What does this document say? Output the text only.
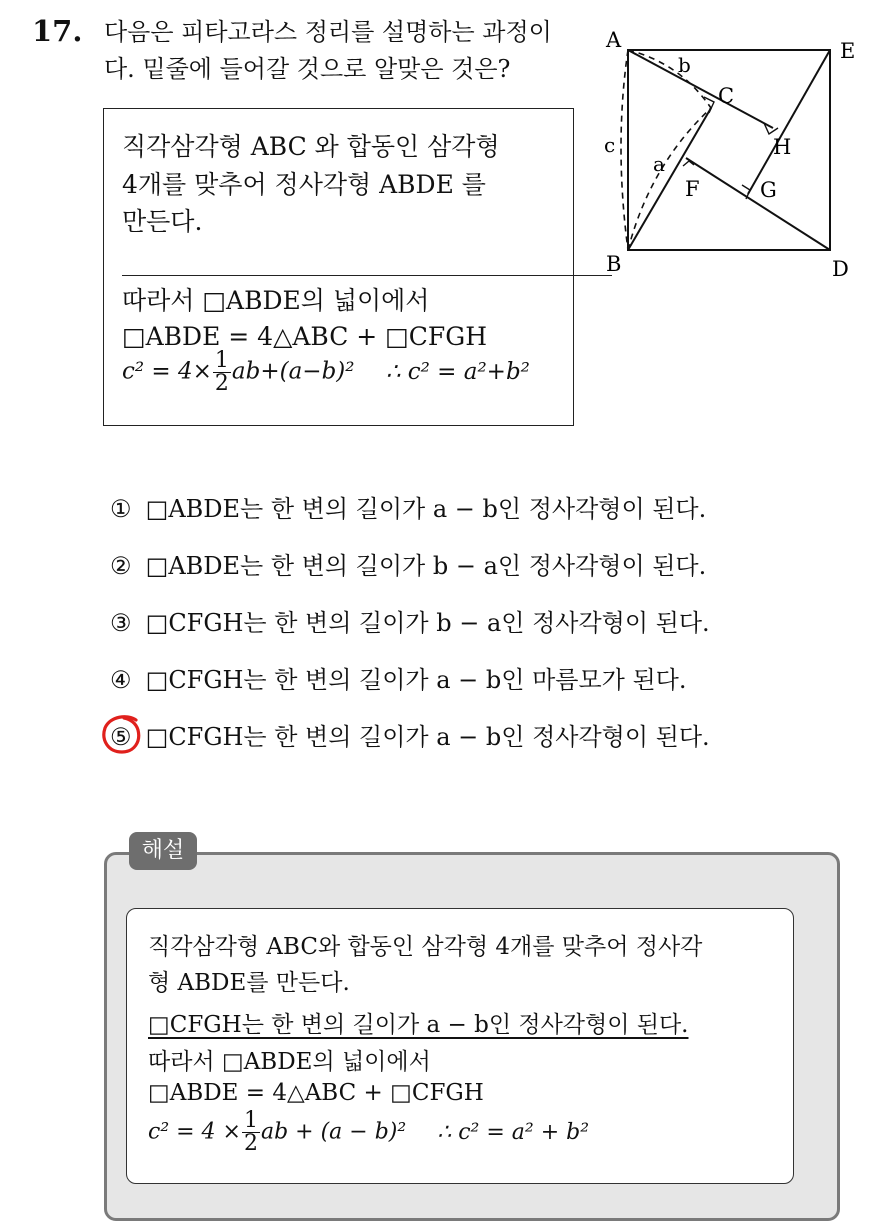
17. 다음은 피타고라스 정리를 설명하는 과정이
다. 밑줄에 들어갈 것으로 알맞은 것은?
직각삼각형 ABC 와 합동인 삼각형
4개를 맞추어 정사각형 ABDE 를
만든다.
따라서 □ABDE의 넓이에서
□ABDE = 4△ABC + □CFGH
$c^2 = 4\times \frac{1}{2} ab+(a-b)^2$ ∴ c² = a²+b²
A	E
B	D
C
H
G
F
b
a
c
① □ABDE는 한 변의 길이가 a − b인 정사각형이 된다.
② □ABDE는 한 변의 길이가 b − a인 정사각형이 된다.
③ □CFGH는 한 변의 길이가 b − a인 정사각형이 된다.
④ □CFGH는 한 변의 길이가 a − b인 마름모가 된다.
⑤ □CFGH는 한 변의 길이가 a − b인 정사각형이 된다.
해설
직각삼각형 ABC와 합동인 삼각형 4개를 맞추어 정사각
형 ABDE를 만든다.
□CFGH는 한 변의 길이가 a − b인 정사각형이 된다.
따라서 □ABDE의 넓이에서
□ABDE = 4△ABC + □CFGH
$c^2 = 4 \times \frac{1}{2}$ ab + (a − b)² ∴ c² = a² + b²
